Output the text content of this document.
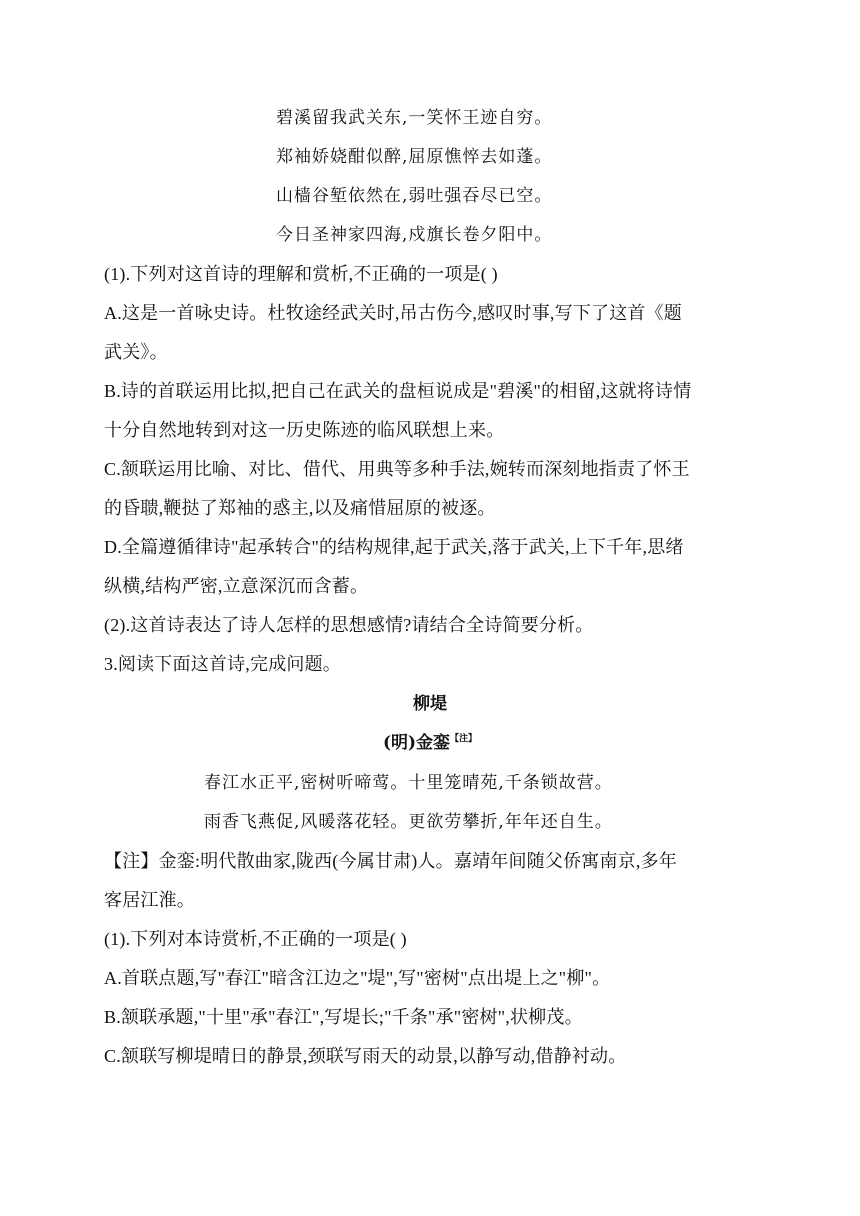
碧溪留我武关东,一笑怀王迹自穷。
郑袖娇娆酣似醉,屈原憔悴去如蓬。
山樯谷堑依然在,弱吐强吞尽已空。
今日圣神家四海,戍旗长卷夕阳中。
(1).下列对这首诗的理解和赏析,不正确的一项是( )
A.这是一首咏史诗。杜牧途经武关时,吊古伤今,感叹时事,写下了这首《题
武关》。
B.诗的首联运用比拟,把自己在武关的盘桓说成是"碧溪"的相留,这就将诗情
十分自然地转到对这一历史陈迹的临风联想上来。
C.颔联运用比喻、对比、借代、用典等多种手法,婉转而深刻地指责了怀王
的昏聩,鞭挞了郑袖的惑主,以及痛惜屈原的被逐。
D.全篇遵循律诗"起承转合"的结构规律,起于武关,落于武关,上下千年,思绪
纵横,结构严密,立意深沉而含蓄。
(2).这首诗表达了诗人怎样的思想感情?请结合全诗简要分析。
3.阅读下面这首诗,完成问题。
柳堤
(明)金銮$^{【注】}$
春江水正平,密树听啼莺。十里笼晴苑,千条锁故营。
雨香飞燕促,风暖落花轻。更欲劳攀折,年年还自生。
【注】金銮:明代散曲家,陇西(今属甘肃)人。嘉靖年间随父侨寓南京,多年
客居江淮。
(1).下列对本诗赏析,不正确的一项是( )
A.首联点题,写"春江"暗含江边之"堤",写"密树"点出堤上之"柳"。
B.颔联承题,"十里"承"春江",写堤长;"千条"承"密树",状柳茂。
C.颔联写柳堤晴日的静景,颈联写雨天的动景,以静写动,借静衬动。
